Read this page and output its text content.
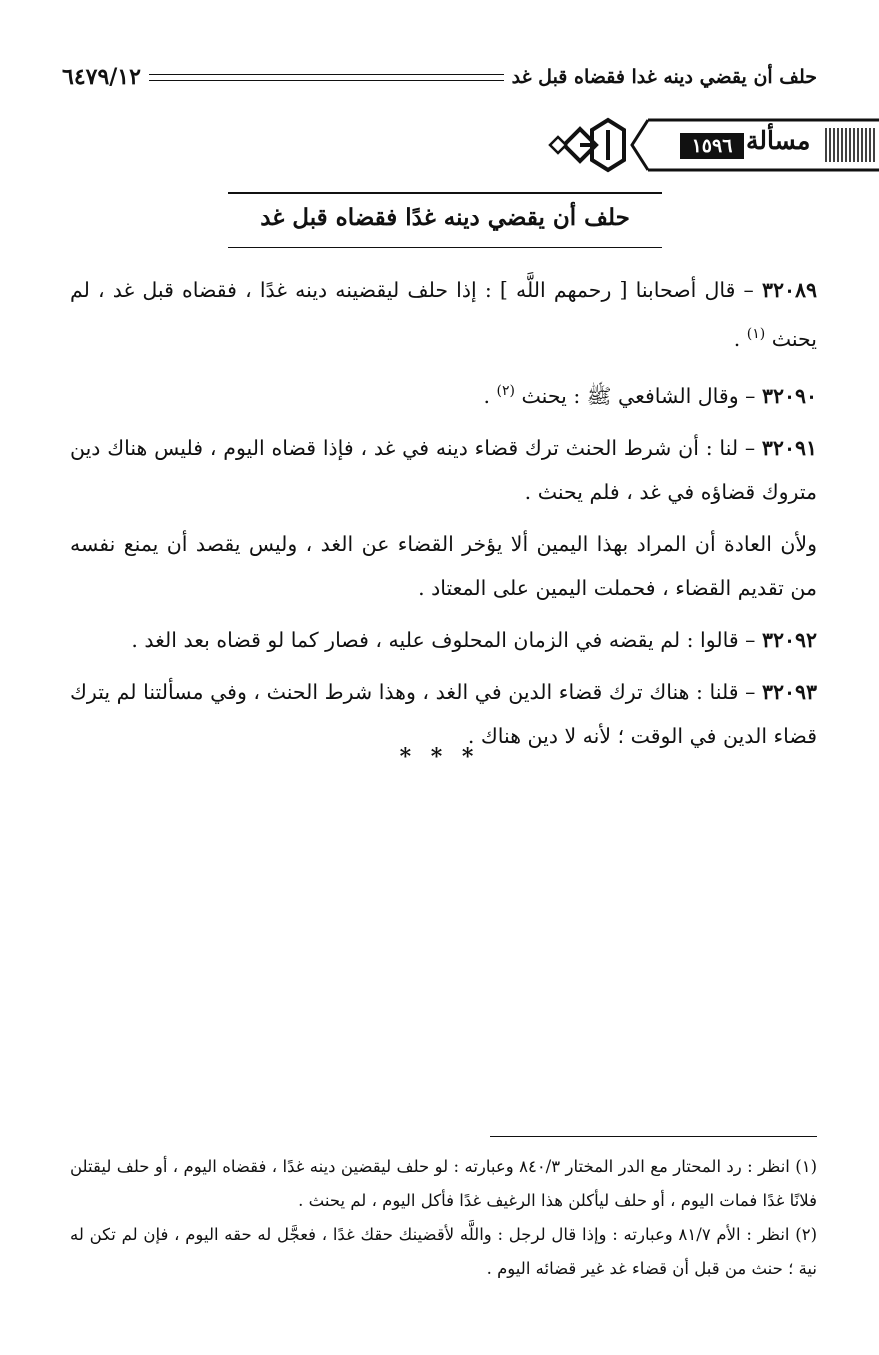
حلف أن يقضي دينه غدا فقضاه قبل غد
٦٤٧٩/١٢
١٥٩٦ مسألة
حلف أن يقضي دينه غدًا فقضاه قبل غد

٣٢٠٨٩ – قال أصحابنا [ رحمهم اللَّه ] : إذا حلف ليقضينه دينه غدًا ، فقضاه قبل غد ، لم يحنث $^{(١)}$ .

٣٢٠٩٠ – وقال الشافعي ﷺ : يحنث $^{(٢)}$ .

٣٢٠٩١ – لنا : أن شرط الحنث ترك قضاء دينه في غد ، فإذا قضاه اليوم ، فليس هناك دين متروك قضاؤه في غد ، فلم يحنث .

ولأن العادة أن المراد بهذا اليمين ألا يؤخر القضاء عن الغد ، وليس يقصد أن يمنع نفسه من تقديم القضاء ، فحملت اليمين على المعتاد .

٣٢٠٩٢ – قالوا : لم يقضه في الزمان المحلوف عليه ، فصار كما لو قضاه بعد الغد .

٣٢٠٩٣ – قلنا : هناك ترك قضاء الدين في الغد ، وهذا شرط الحنث ، وفي مسألتنا لم يترك قضاء الدين في الوقت ؛ لأنه لا دين هناك .

* * *

(١) انظر : رد المحتار مع الدر المختار ٨٤٠/٣ وعبارته : لو حلف ليقضين دينه غدًا ، فقضاه اليوم ، أو حلف ليقتلن فلانًا غدًا فمات اليوم ، أو حلف ليأكلن هذا الرغيف غدًا فأكل اليوم ، لم يحنث .

(٢) انظر : الأم ٨١/٧ وعبارته : وإذا قال لرجل : واللَّه لأقضينك حقك غدًا ، فعجَّل له حقه اليوم ، فإن لم تكن له نية ؛ حنث من قبل أن قضاء غد غير قضائه اليوم .
